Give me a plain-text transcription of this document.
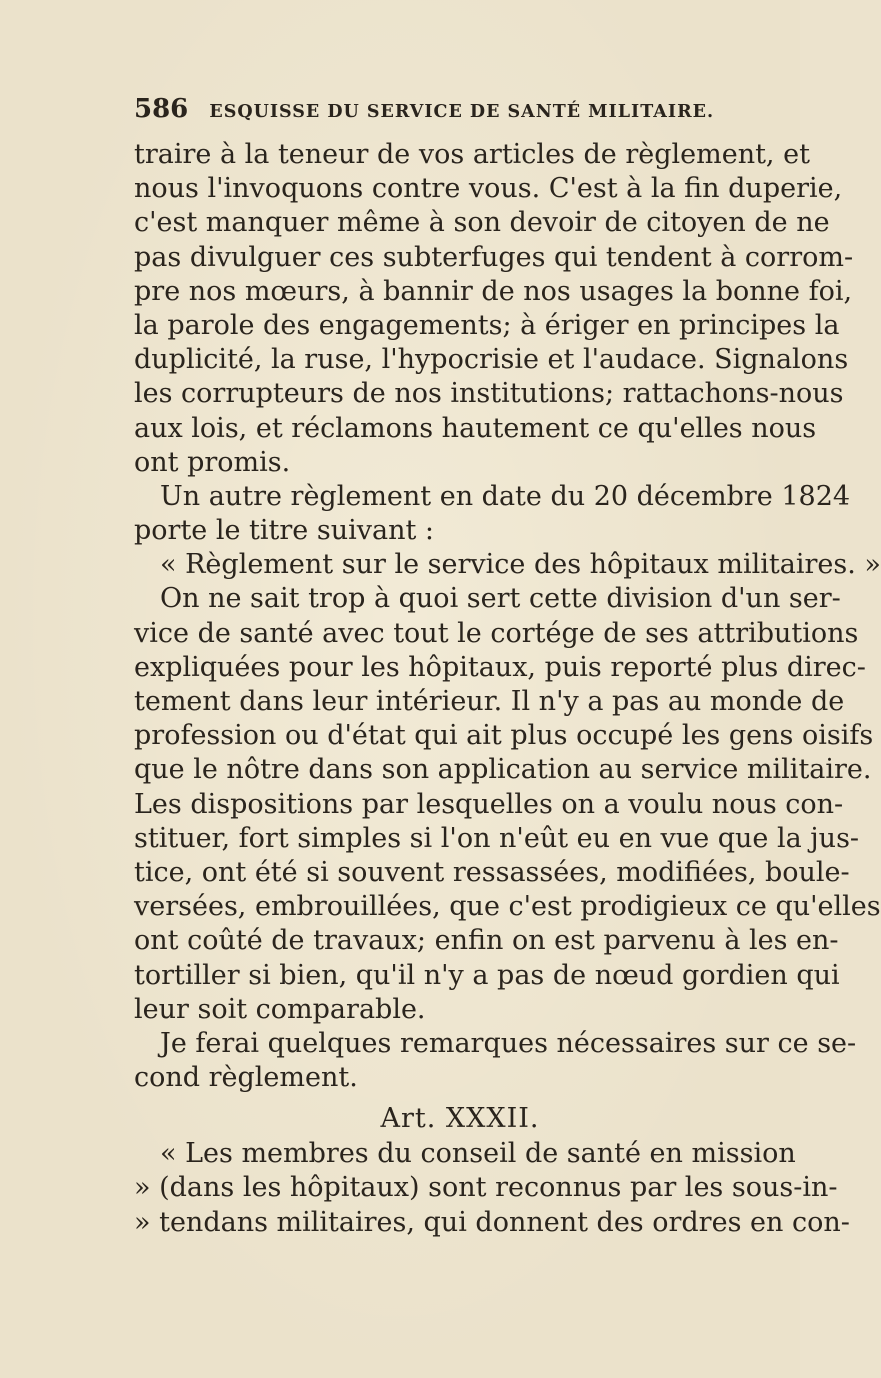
586 ESQUISSE DU SERVICE DE SANTÉ MILITAIRE.
traire à la teneur de vos articles de règlement, et
nous l'invoquons contre vous. C'est à la fin duperie,
c'est manquer même à son devoir de citoyen de ne
pas divulguer ces subterfuges qui tendent à corrom-
pre nos mœurs, à bannir de nos usages la bonne foi,
la parole des engagements; à ériger en principes la
duplicité, la ruse, l'hypocrisie et l'audace. Signalons
les corrupteurs de nos institutions; rattachons-nous
aux lois, et réclamons hautement ce qu'elles nous
ont promis.
Un autre règlement en date du 20 décembre 1824
porte le titre suivant :
« Règlement sur le service des hôpitaux militaires. »
On ne sait trop à quoi sert cette division d'un ser-
vice de santé avec tout le cortége de ses attributions
expliquées pour les hôpitaux, puis reporté plus direc-
tement dans leur intérieur. Il n'y a pas au monde de
profession ou d'état qui ait plus occupé les gens oisifs
que le nôtre dans son application au service militaire.
Les dispositions par lesquelles on a voulu nous con-
stituer, fort simples si l'on n'eût eu en vue que la jus-
tice, ont été si souvent ressassées, modifiées, boule-
versées, embrouillées, que c'est prodigieux ce qu'elles
ont coûté de travaux; enfin on est parvenu à les en-
tortiller si bien, qu'il n'y a pas de nœud gordien qui
leur soit comparable.
Je ferai quelques remarques nécessaires sur ce se-
cond règlement.
Art. XXXII.
« Les membres du conseil de santé en mission
» (dans les hôpitaux) sont reconnus par les sous-in-
» tendans militaires, qui donnent des ordres en con-
